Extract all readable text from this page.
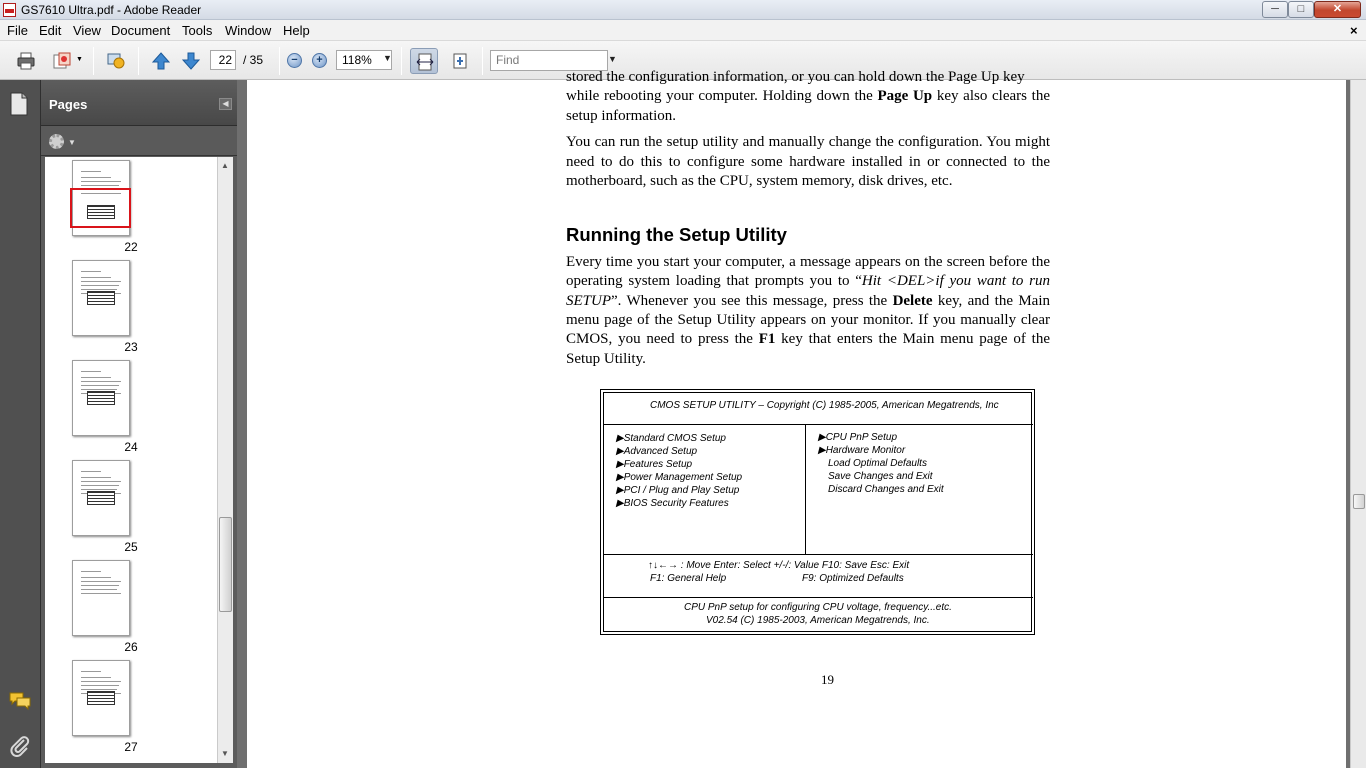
GS7610 Ultra.pdf - Adobe Reader	─	□	✕
File Edit View Document Tools Window Help	×
▼	22 / 35	−	+	118%	▼	Find	▼
Pages	◀
▼
22
23
24
25
26
27
▲
▼

stored the configuration information, or you can hold down the Page Up key

while rebooting your computer. Holding down the Page Up key also clears the setup information.

You can run the setup utility and manually change the configuration. You might need to do this to configure some hardware installed in or connected to the motherboard, such as the CPU, system memory, disk drives, etc.

Running the Setup Utility

Every time you start your computer, a message appears on the screen before the operating system loading that prompts you to “Hit <DEL>if you want to run SETUP”. Whenever you see this message, press the Delete key, and the Main menu page of the Setup Utility appears on your monitor. If you manually clear CMOS, you need to press the F1 key that enters the Main menu page of the Setup Utility.

CMOS SETUP UTILITY – Copyright (C) 1985-2005, American Megatrends, Inc
▶Standard CMOS Setup
▶Advanced Setup
▶Features Setup
▶Power Management Setup
▶PCI / Plug and Play Setup
▶BIOS Security Features
▶CPU PnP Setup
▶Hardware Monitor
Load Optimal Defaults
Save Changes and Exit
Discard Changes and Exit
↑↓←→ : Move Enter: Select +/-/: Value F10: Save Esc: Exit
F1: General Help	F9: Optimized Defaults
CPU PnP setup for configuring CPU voltage, frequency...etc.
V02.54 (C) 1985-2003, American Megatrends, Inc.
19
